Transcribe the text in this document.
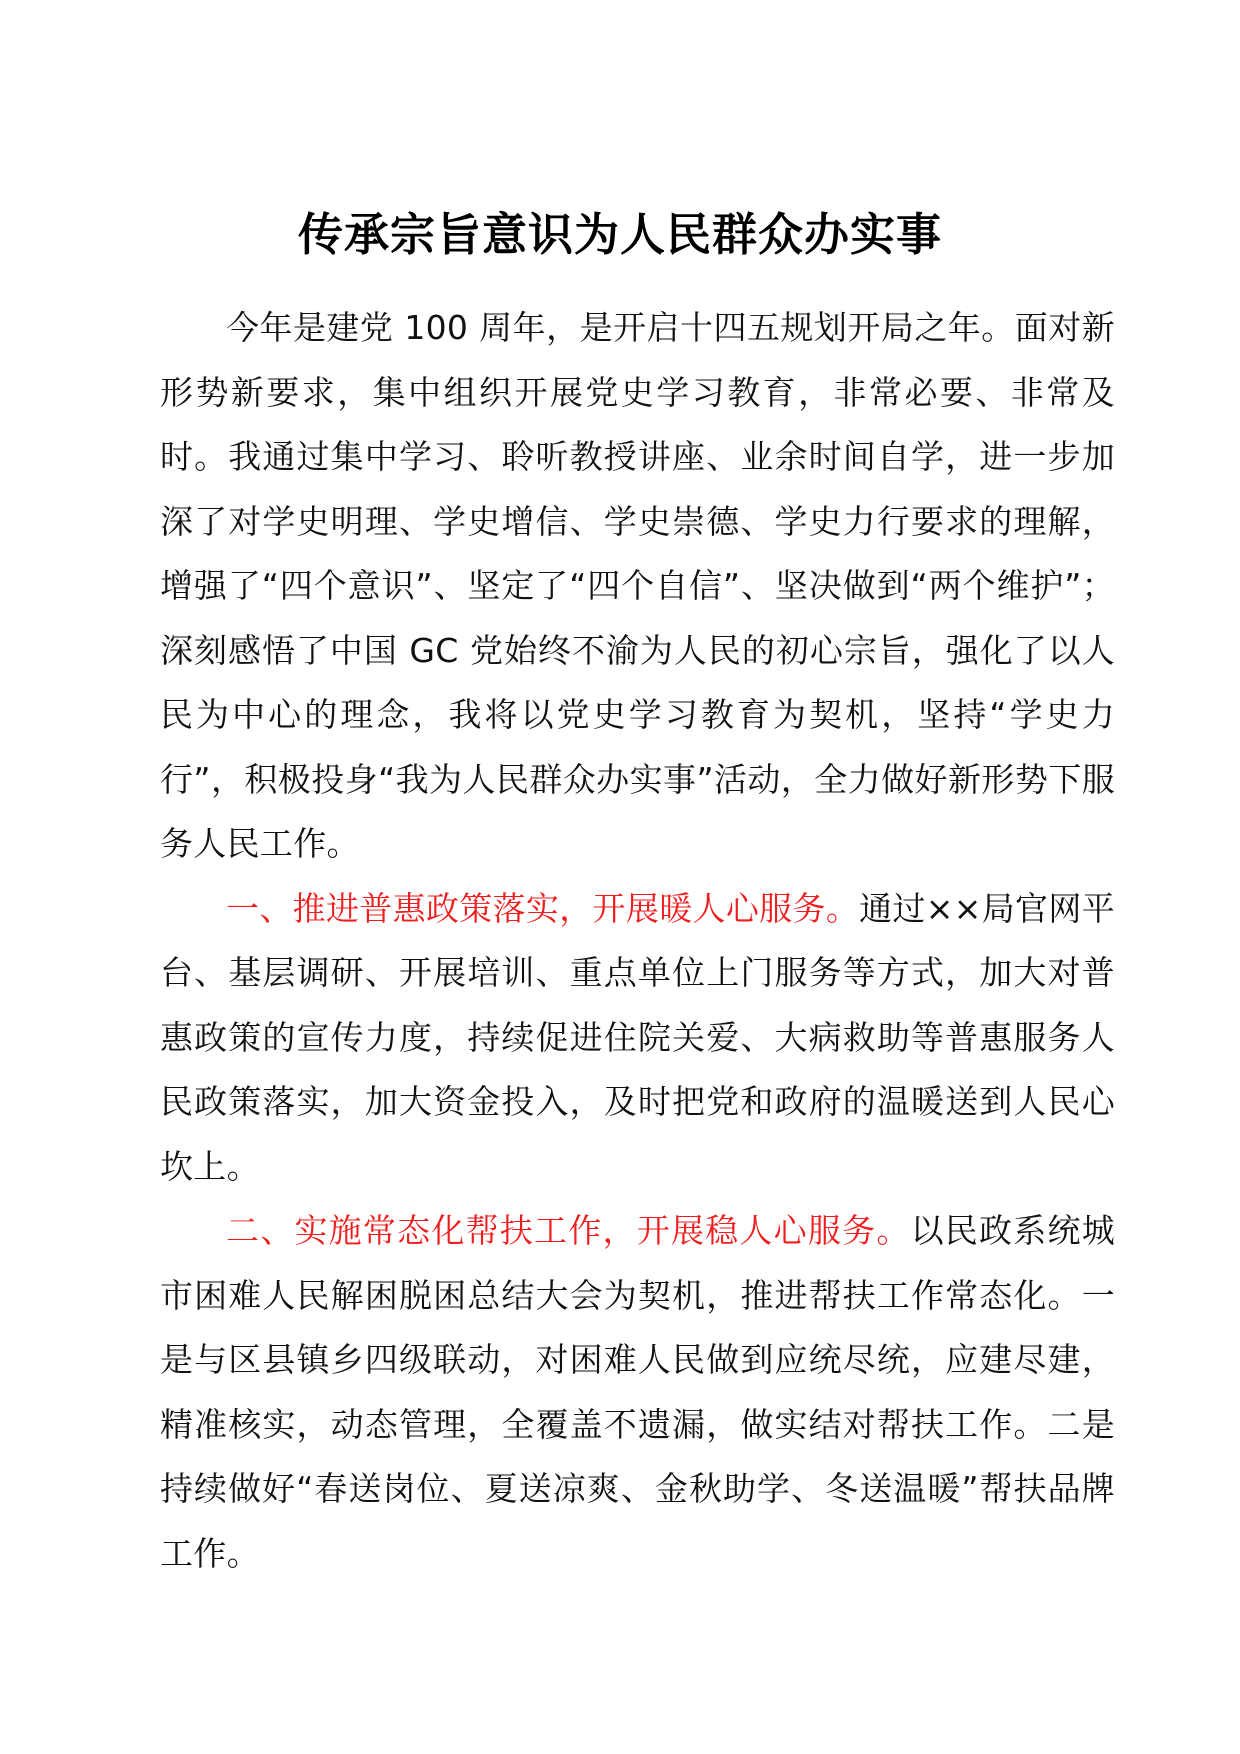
传承宗旨意识为人民群众办实事

今年是建党 100 周年，是开启十四五规划开局之年。面对新形势新要求，集中组织开展党史学习教育，非常必要、非常及时。我通过集中学习、聆听教授讲座、业余时间自学，进一步加深了对学史明理、学史增信、学史崇德、学史力行要求的理解，增强了“四个意识”、坚定了“四个自信”、坚决做到“两个维护”；深刻感悟了中国 GC 党始终不渝为人民的初心宗旨，强化了以人民为中心的理念，我将以党史学习教育为契机，坚持“学史力行”，积极投身“我为人民群众办实事”活动，全力做好新形势下服务人民工作。

一、推进普惠政策落实，开展暖人心服务。通过××局官网平台、基层调研、开展培训、重点单位上门服务等方式，加大对普惠政策的宣传力度，持续促进住院关爱、大病救助等普惠服务人民政策落实，加大资金投入，及时把党和政府的温暖送到人民心坎上。

二、实施常态化帮扶工作，开展稳人心服务。以民政系统城市困难人民解困脱困总结大会为契机，推进帮扶工作常态化。一是与区县镇乡四级联动，对困难人民做到应统尽统，应建尽建，精准核实，动态管理，全覆盖不遗漏，做实结对帮扶工作。二是持续做好“春送岗位、夏送凉爽、金秋助学、冬送温暖”帮扶品牌工作。
